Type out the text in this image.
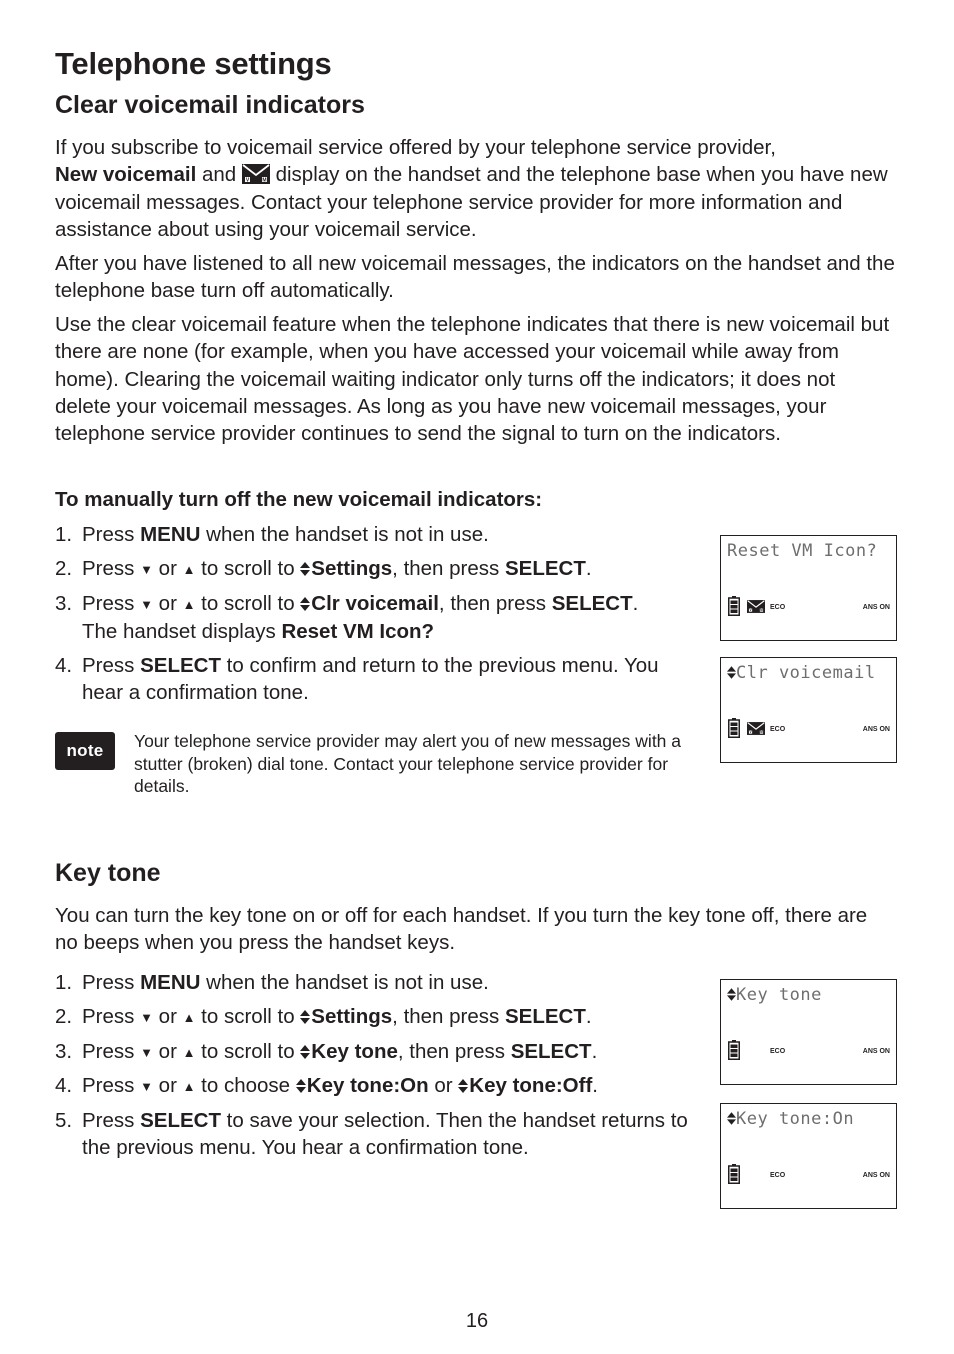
Telephone settings
Clear voicemail indicators
If you subscribe to voicemail service offered by your telephone service provider,
New voicemail and  display on the handset and the telephone base when you have new voicemail messages. Contact your telephone service provider for more information and assistance about using your voicemail service.
After you have listened to all new voicemail messages, the indicators on the handset and the telephone base turn off automatically.
Use the clear voicemail feature when the telephone indicates that there is new voicemail but there are none (for example, when you have accessed your voicemail while away from home). Clearing the voicemail waiting indicator only turns off the indicators; it does not delete your voicemail messages. As long as you have new voicemail messages, your telephone service provider continues to send the signal to turn on the indicators.
To manually turn off the new voicemail indicators:
1. Press MENU when the handset is not in use.
2. Press ▼ or ▲ to scroll to Settings, then press SELECT.
3. Press ▼ or ▲ to scroll to Clr voicemail, then press SELECT.
The handset displays Reset VM Icon?
4. Press SELECT to confirm and return to the previous menu. You hear a confirmation tone.
note	Your telephone service provider may alert you of new messages with a stutter (broken) dial tone. Contact your telephone service provider for details.
Reset VM Icon?
ECO	ANS ON
Clr voicemail
ECO	ANS ON
Key tone
You can turn the key tone on or off for each handset. If you turn the key tone off, there are no beeps when you press the handset keys.
1. Press MENU when the handset is not in use.
2. Press ▼ or ▲ to scroll to Settings, then press SELECT.
3. Press ▼ or ▲ to scroll to Key tone, then press SELECT.
4. Press ▼ or ▲ to choose Key tone:On or Key tone:Off.
5. Press SELECT to save your selection. Then the handset returns to the previous menu. You hear a confirmation tone.
Key tone
ECO	ANS ON
Key tone:On
ECO	ANS ON
16
